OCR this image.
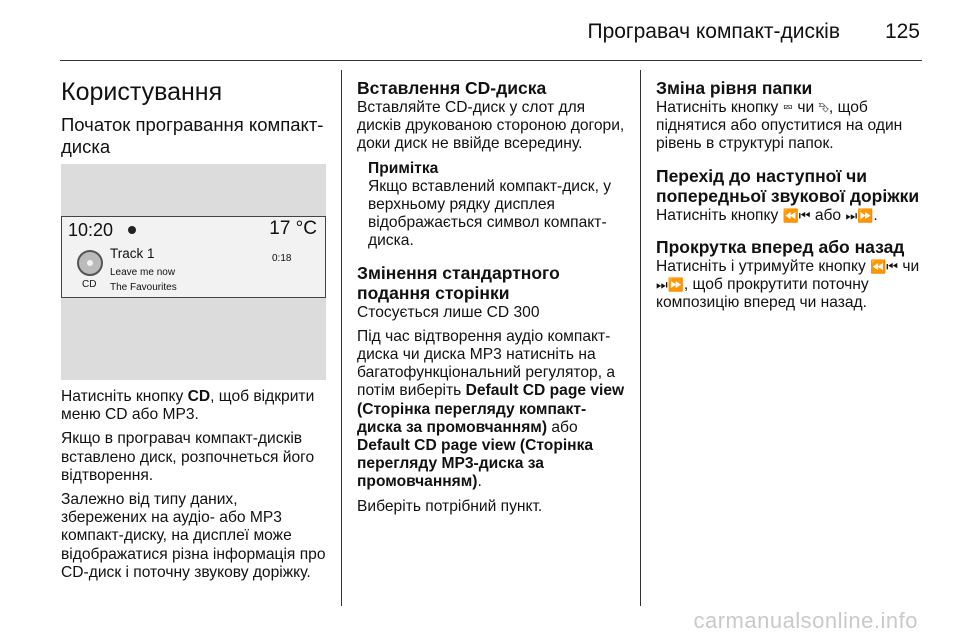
Програвач компакт-дисків 125
Користування
Початок програвання компакт-диска
10:20	17 °C
CD
Track 1
Leave me now
The Favourites
0:18

Натисніть кнопку CD, щоб відкрити меню CD або MP3.

Якщо в програвач компакт-дисків вставлено диск, розпочнеться його відтворення.

Залежно від типу даних, збережених на аудіо- або MP3 компакт-диску, на дисплеї може відображатися різна інформація про CD-диск і поточну звукову доріжку.

Вставлення CD-диска

Вставляйте CD-диск у слот для дисків друкованою стороною догори, доки диск не ввійде всередину.

Примітка
Якщо вставлений компакт-диск, у верхньому рядку дисплея відображається символ компакт-диска.
Змінення стандартного подання сторінки

Стосується лише CD 300

Під час відтворення аудіо компакт-диска чи диска MP3 натисніть на багатофункціональний регулятор, а потім виберіть Default CD page view (Сторінка перегляду компакт-диска за промовчанням) або Default CD page view (Сторінка перегляду MP3-диска за промовчанням).

Виберіть потрібний пункт.

Зміна рівня папки

Натисніть кнопку ⮹ чи ⮷, щоб піднятися або опуститися на один рівень в структурі папок.

Перехід до наступної чи попередньої звукової доріжки

Натисніть кнопку ⏪⏮ або ⏭⏩.

Прокрутка вперед або назад

Натисніть і утримуйте кнопку ⏪⏮ чи ⏭⏩, щоб прокрутити поточну композицію вперед чи назад.

carmanualsonline.info
